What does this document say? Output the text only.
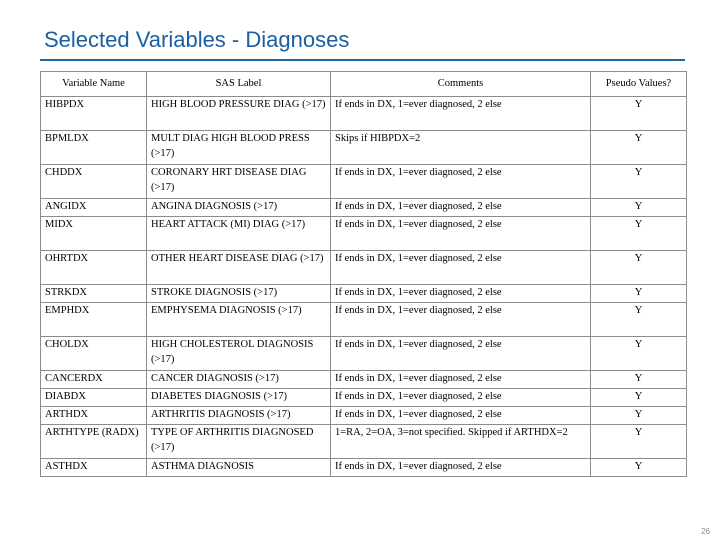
Selected Variables - Diagnoses
Variable Name	SAS Label	Comments	Pseudo Values?
HIBPDX	HIGH BLOOD PRESSURE DIAG (>17)	If ends in DX, 1=ever diagnosed, 2 else	Y
BPMLDX	MULT DIAG HIGH BLOOD PRESS (>17)	Skips if HIBPDX=2	Y
CHDDX	CORONARY HRT DISEASE DIAG (>17)	If ends in DX, 1=ever diagnosed, 2 else	Y
ANGIDX	ANGINA DIAGNOSIS (>17)	If ends in DX, 1=ever diagnosed, 2 else	Y
MIDX	HEART ATTACK (MI) DIAG (>17)	If ends in DX, 1=ever diagnosed, 2 else	Y
OHRTDX	OTHER HEART DISEASE DIAG (>17)	If ends in DX, 1=ever diagnosed, 2 else	Y
STRKDX	STROKE DIAGNOSIS (>17)	If ends in DX, 1=ever diagnosed, 2 else	Y
EMPHDX	EMPHYSEMA DIAGNOSIS (>17)	If ends in DX, 1=ever diagnosed, 2 else	Y
CHOLDX	HIGH CHOLESTEROL DIAGNOSIS (>17)	If ends in DX, 1=ever diagnosed, 2 else	Y
CANCERDX	CANCER DIAGNOSIS (>17)	If ends in DX, 1=ever diagnosed, 2 else	Y
DIABDX	DIABETES DIAGNOSIS (>17)	If ends in DX, 1=ever diagnosed, 2 else	Y
ARTHDX	ARTHRITIS DIAGNOSIS (>17)	If ends in DX, 1=ever diagnosed, 2 else	Y
ARTHTYPE (RADX)	TYPE OF ARTHRITIS DIAGNOSED (>17)	1=RA, 2=OA, 3=not specified. Skipped if ARTHDX=2	Y
ASTHDX	ASTHMA DIAGNOSIS	If ends in DX, 1=ever diagnosed, 2 else	Y
26
